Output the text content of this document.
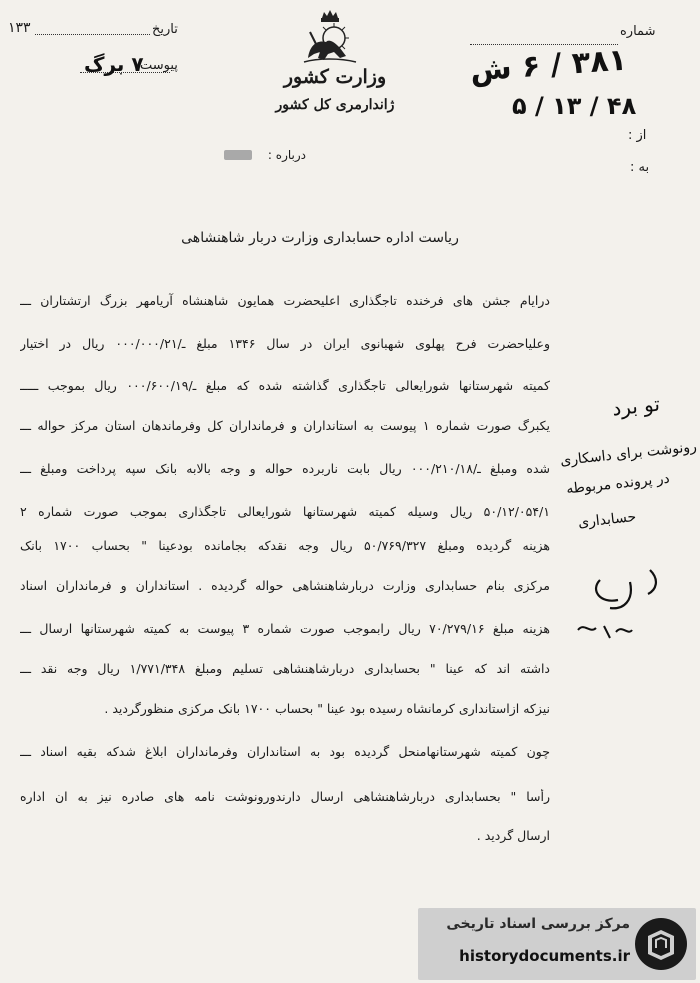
۱۳۳	تاریخ
پیوست
۷ برگ
وزارت کشور
ژاندارمری کل کشور
شماره
۳۸۱ / ۶ ش
۴۸ / ۱۳ / ۵
از :
به :
درباره :
ریاست اداره حسابداری وزارت دربار شاهنشاهی
درایام جشن های فرخنده تاجگذاری اعلیحضرت همایون شاهنشاه آریامهر بزرگ ارتشتاران ـــ
وعلیاحضرت فرح پهلوی شهبانوی ایران در سال ۱۳۴۶ مبلغ ـ/۰۰۰/۰۰۰/۲۱ ریال در اختیار
کمیته شهرستانها شورایعالی تاجگذاری گذاشته شده که مبلغ ـ/۰۰۰/۶۰۰/۱۹ ریال بموجب ـــــ
یکبرگ صورت شماره ۱ پیوست به استانداران و فرمانداران کل وفرماندهان استان مرکز حواله ـــ
شده ومبلغ ـ/۰۰۰/۲۱۰/۱۸ ریال بابت ناربرده حواله و وجه بالابه بانک سپه پرداخت ومبلغ ـــ
۵۰/۱۲/۰۵۴/۱ ریال وسیله کمیته شهرستانها شورایعالی تاجگذاری بموجب صورت شماره ۲
هزینه گردیده ومبلغ ۵۰/۷۶۹/۳۲۷ ریال وجه نقدکه بجامانده بودعینا " بحساب ۱۷۰۰ بانک
مرکزی بنام حسابداری وزارت دربارشاهنشاهی حواله گردیده . استانداران و فرمانداران اسناد
هزینه مبلغ ۷۰/۲۷۹/۱۶ ریال رابموجب صورت شماره ۳ پیوست به کمیته شهرستانها ارسال ـــ
داشته اند که عینا " بحسابداری دربارشاهنشاهی تسلیم ومبلغ ۱/۷۷۱/۳۴۸ ریال وجه نقد ـــ
نیزکه ازاستانداری کرمانشاه رسیده بود عینا " بحساب ۱۷۰۰ بانک مرکزی منظورگردید .
چون کمیته شهرستانهامنحل گردیده بود به استانداران وفرمانداران ابلاغ شدکه بقیه اسناد ـــ
رأسا " بحسابداری دربارشاهنشاهی ارسال دارندورونوشت نامه های صادره نیز به ان اداره
ارسال گردید .
تو برد
رونوشت برای داسکاری
در پرونده مربوطه
حسابداری
مرکز بررسی اسناد تاریخی
historydocuments.ir
